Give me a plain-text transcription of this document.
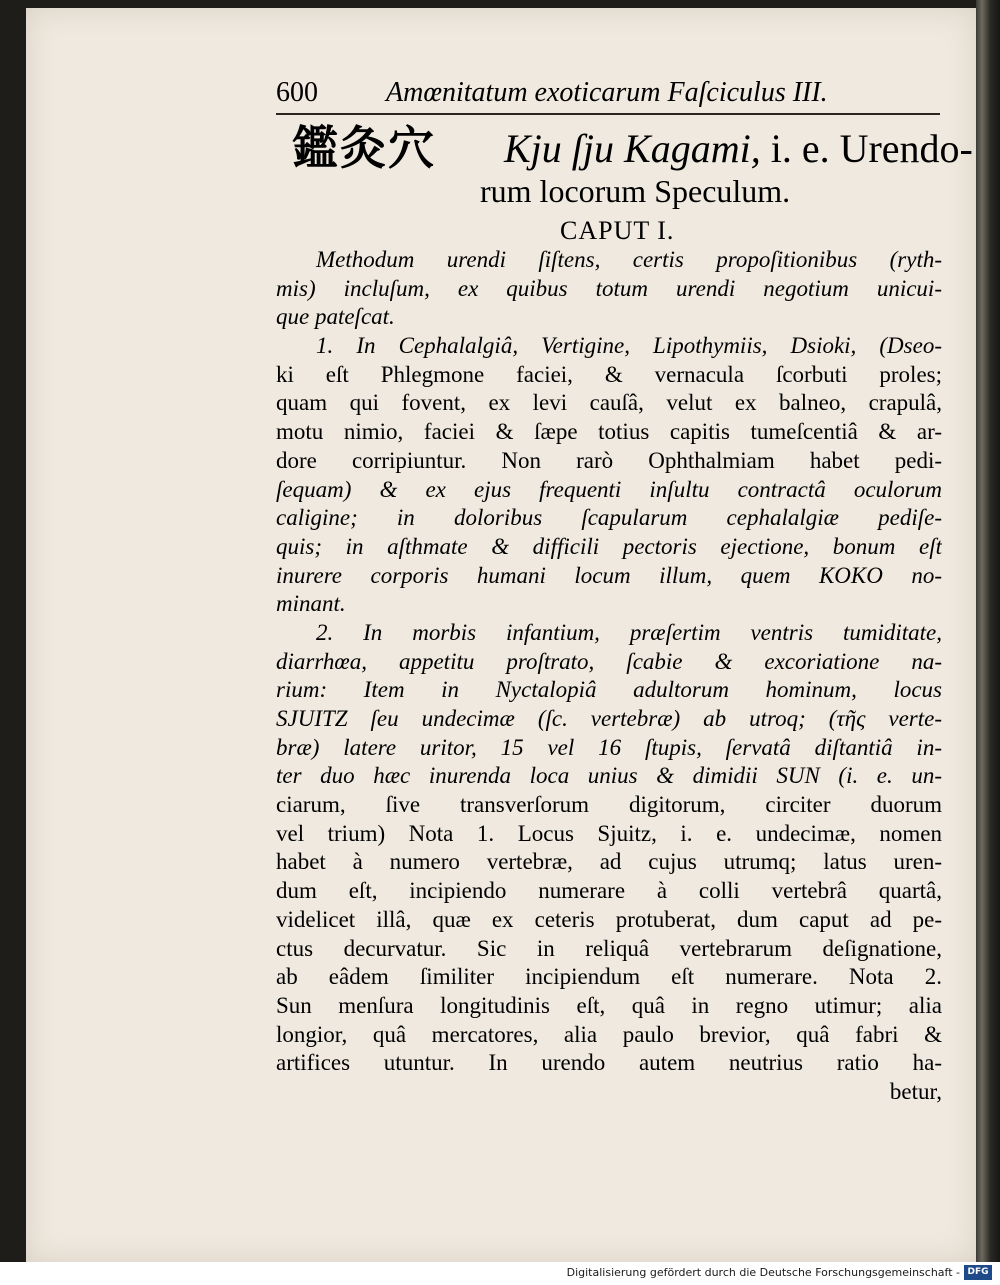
600 Amœnitatum exoticarum Faſciculus III.
鑑灸穴	Kju ſju Kagami, i. e. Urendo-
rum locorum Speculum.
CAPUT I.
Methodum urendi ſiſtens, certis propoſitionibus (ryth-
mis) incluſum, ex quibus totum urendi negotium unicui-
que pateſcat.
1. In Cephalalgiâ, Vertigine, Lipothymiis, Dsioki, (Dseo-
ki eſt Phlegmone faciei, & vernacula ſcorbuti proles;
quam qui fovent, ex levi cauſâ, velut ex balneo, crapulâ,
motu nimio, faciei & ſæpe totius capitis tumeſcentiâ & ar-
dore corripiuntur. Non rarò Ophthalmiam habet pedi-
ſequam) & ex ejus frequenti inſultu contractâ oculorum
caligine; in doloribus ſcapularum cephalalgiæ pediſe-
quis; in aſthmate & difficili pectoris ejectione, bonum eſt
inurere corporis humani locum illum, quem KOKO no-
minant.
2. In morbis infantium, præſertim ventris tumiditate,
diarrhœa, appetitu proſtrato, ſcabie & excoriatione na-
rium: Item in Nyctalopiâ adultorum hominum, locus
SJUITZ ſeu undecimæ (ſc. vertebræ) ab utroq; (τῆς verte-
bræ) latere uritor, 15 vel 16 ſtupis, ſervatâ diſtantiâ in-
ter duo hæc inurenda loca unius & dimidii SUN (i. e. un-
ciarum, ſive transverſorum digitorum, circiter duorum
vel trium) Nota 1. Locus Sjuitz, i. e. undecimæ, nomen
habet à numero vertebræ, ad cujus utrumq; latus uren-
dum eſt, incipiendo numerare à colli vertebrâ quartâ,
videlicet illâ, quæ ex ceteris protuberat, dum caput ad pe-
ctus decurvatur. Sic in reliquâ vertebrarum deſignatione,
ab eâdem ſimiliter incipiendum eſt numerare. Nota 2.
Sun menſura longitudinis eſt, quâ in regno utimur; alia
longior, quâ mercatores, alia paulo brevior, quâ fabri &
artifices utuntur. In urendo autem neutrius ratio ha-
betur,
Digitalisierung gefördert durch die Deutsche Forschungsgemeinschaft - DFG
